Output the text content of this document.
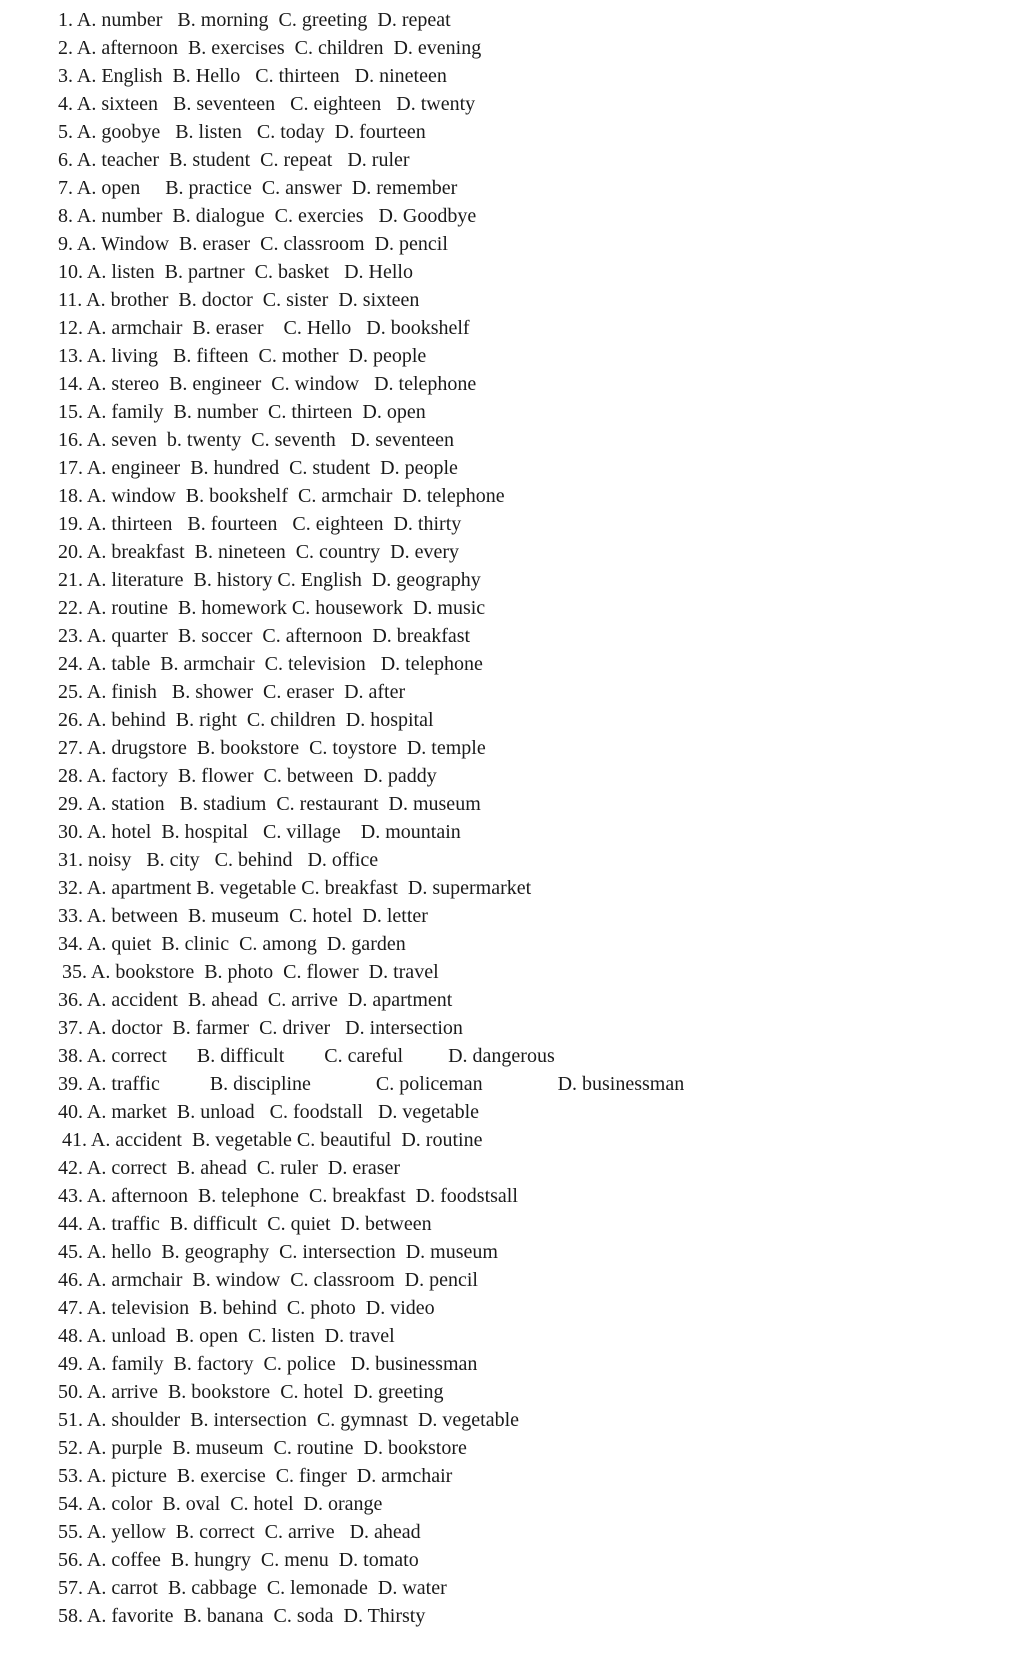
1. A. number   B. morning  C. greeting  D. repeat
2. A. afternoon  B. exercises  C. children  D. evening
3. A. English  B. Hello   C. thirteen   D. nineteen
4. A. sixteen   B. seventeen   C. eighteen   D. twenty
5. A. goobye   B. listen   C. today  D. fourteen
6. A. teacher  B. student  C. repeat   D. ruler
7. A. open     B. practice  C. answer  D. remember
8. A. number  B. dialogue  C. exercies   D. Goodbye
9. A. Window  B. eraser  C. classroom  D. pencil
10. A. listen  B. partner  C. basket   D. Hello
11. A. brother  B. doctor  C. sister  D. sixteen
12. A. armchair  B. eraser    C. Hello   D. bookshelf
13. A. living   B. fifteen  C. mother  D. people
14. A. stereo  B. engineer  C. window   D. telephone
15. A. family  B. number  C. thirteen  D. open
16. A. seven  b. twenty  C. seventh   D. seventeen
17. A. engineer  B. hundred  C. student  D. people
18. A. window  B. bookshelf  C. armchair  D. telephone
19. A. thirteen   B. fourteen   C. eighteen  D. thirty
20. A. breakfast  B. nineteen  C. country  D. every
21. A. literature  B. history C. English  D. geography
22. A. routine  B. homework C. housework  D. music
23. A. quarter  B. soccer  C. afternoon  D. breakfast
24. A. table  B. armchair  C. television   D. telephone
25. A. finish   B. shower  C. eraser  D. after
26. A. behind  B. right  C. children  D. hospital
27. A. drugstore  B. bookstore  C. toystore  D. temple
28. A. factory  B. flower  C. between  D. paddy
29. A. station   B. stadium  C. restaurant  D. museum
30. A. hotel  B. hospital   C. village    D. mountain
31. noisy   B. city   C. behind   D. office
32. A. apartment B. vegetable C. breakfast  D. supermarket
33. A. between  B. museum  C. hotel  D. letter
34. A. quiet  B. clinic  C. among  D. garden
35. A. bookstore  B. photo  C. flower  D. travel
36. A. accident  B. ahead  C. arrive  D. apartment
37. A. doctor  B. farmer  C. driver   D. intersection
38. A. correct      B. difficult        C. careful         D. dangerous
39. A. traffic          B. discipline             C. policeman               D. businessman
40. A. market  B. unload   C. foodstall   D. vegetable
41. A. accident  B. vegetable C. beautiful  D. routine
42. A. correct  B. ahead  C. ruler  D. eraser
43. A. afternoon  B. telephone  C. breakfast  D. foodstsall
44. A. traffic  B. difficult  C. quiet  D. between
45. A. hello  B. geography  C. intersection  D. museum
46. A. armchair  B. window  C. classroom  D. pencil
47. A. television  B. behind  C. photo  D. video
48. A. unload  B. open  C. listen  D. travel
49. A. family  B. factory  C. police   D. businessman
50. A. arrive  B. bookstore  C. hotel  D. greeting
51. A. shoulder  B. intersection  C. gymnast  D. vegetable
52. A. purple  B. museum  C. routine  D. bookstore
53. A. picture  B. exercise  C. finger  D. armchair
54. A. color  B. oval  C. hotel  D. orange
55. A. yellow  B. correct  C. arrive   D. ahead
56. A. coffee  B. hungry  C. menu  D. tomato
57. A. carrot  B. cabbage  C. lemonade  D. water
58. A. favorite  B. banana  C. soda  D. Thirsty
